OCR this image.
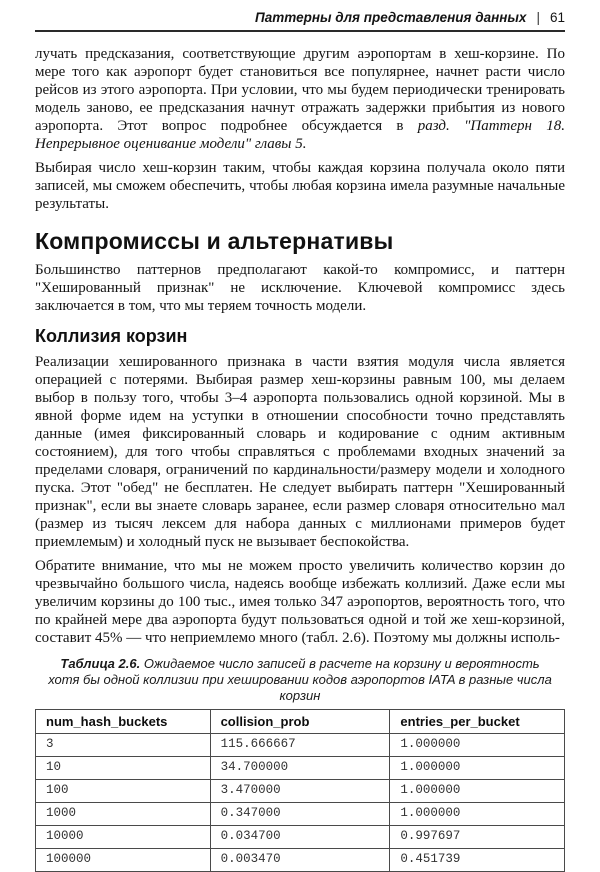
Паттерны для представления данных | 61

лучать предсказания, соответствующие другим аэропортам в хеш-корзине. По мере того как аэропорт будет становиться все популярнее, начнет расти число рейсов из этого аэропорта. При условии, что мы будем периодически тренировать модель заново, ее предсказания начнут отражать задержки прибытия из нового аэропорта. Этот вопрос подробнее обсуждается в разд. "Паттерн 18. Непрерывное оценивание модели" главы 5.

Выбирая число хеш-корзин таким, чтобы каждая корзина получала около пяти записей, мы сможем обеспечить, чтобы любая корзина имела разумные начальные результаты.

Компромиссы и альтернативы

Большинство паттернов предполагают какой-то компромисс, и паттерн "Хешированный признак" не исключение. Ключевой компромисс здесь заключается в том, что мы теряем точность модели.

Коллизия корзин

Реализации хешированного признака в части взятия модуля числа является операцией с потерями. Выбирая размер хеш-корзины равным 100, мы делаем выбор в пользу того, чтобы 3–4 аэропорта пользовались одной корзиной. Мы в явной форме идем на уступки в отношении способности точно представлять данные (имея фиксированный словарь и кодирование с одним активным состоянием), для того чтобы справляться с проблемами входных значений за пределами словаря, ограничений по кардинальности/размеру модели и холодного пуска. Этот "обед" не бесплатен. Не следует выбирать паттерн "Хешированный признак", если вы знаете словарь заранее, если размер словаря относительно мал (размер из тысяч лексем для набора данных с миллионами примеров будет приемлемым) и холодный пуск не вызывает беспокойства.

Обратите внимание, что мы не можем просто увеличить количество корзин до чрезвычайно большого числа, надеясь вообще избежать коллизий. Даже если мы увеличим корзины до 100 тыс., имея только 347 аэропортов, вероятность того, что по крайней мере два аэропорта будут пользоваться одной и той же хеш-корзиной, составит 45% — что неприемлемо много (табл. 2.6). Поэтому мы должны исполь-

Таблица 2.6. Ожидаемое число записей в расчете на корзину и вероятность
хотя бы одной коллизии при хешировании кодов аэропортов IATA в разные числа корзин
num_hash_buckets	collision_prob	entries_per_bucket
3	115.666667	1.000000
10	34.700000	1.000000
100	3.470000	1.000000
1000	0.347000	1.000000
10000	0.034700	0.997697
100000	0.003470	0.451739
